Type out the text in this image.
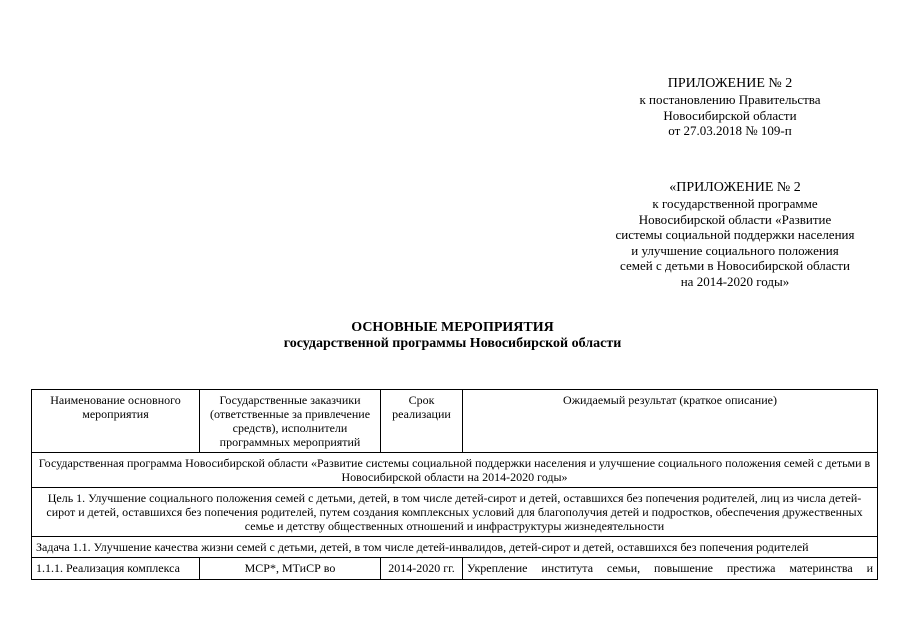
ПРИЛОЖЕНИЕ № 2
к постановлению Правительства
Новосибирской области
от 27.03.2018 № 109-п
«ПРИЛОЖЕНИЕ № 2
к государственной программе
Новосибирской области «Развитие
системы социальной поддержки населения
и улучшение социального положения
семей с детьми в Новосибирской области
на 2014-2020 годы»
ОСНОВНЫЕ МЕРОПРИЯТИЯ
государственной программы Новосибирской области
Наименование основного мероприятия	Государственные заказчики (ответственные за привлечение средств), исполнители программных мероприятий	Срок реализации	Ожидаемый результат (краткое описание)
Государственная программа Новосибирской области «Развитие системы социальной поддержки населения и улучшение социального положения семей с детьми в Новосибирской области на 2014-2020 годы»			
Цель 1. Улучшение социального положения семей с детьми, детей, в том числе детей-сирот и детей, оставшихся без попечения родителей, лиц из числа детей-сирот и детей, оставшихся без попечения родителей, путем создания комплексных условий для благополучия детей и подростков, обеспечения дружественных семье и детству общественных отношений и инфраструктуры жизнедеятельности			
Задача 1.1. Улучшение качества жизни семей с детьми, детей, в том числе детей-инвалидов, детей-сирот и детей, оставшихся без попечения родителей			
1.1.1. Реализация комплекса	МСР*, МТиСР во	2014-2020 гг.	Укрепление института семьи, повышение престижа материнства и
